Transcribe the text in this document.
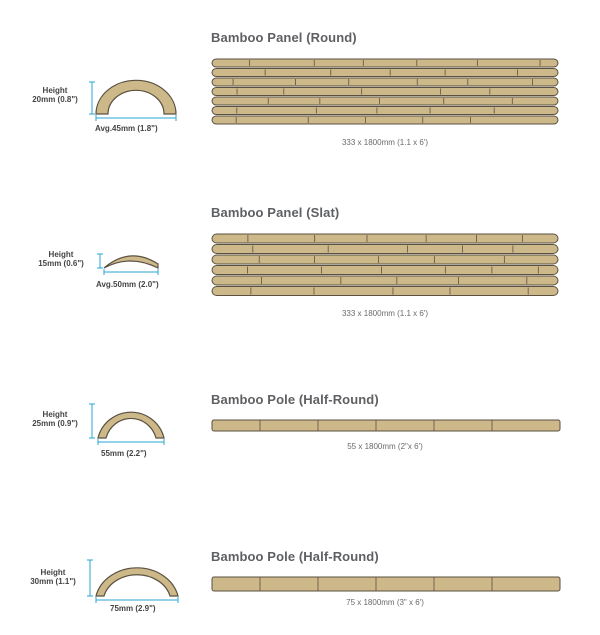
Bamboo Panel (Round)
Height
20mm (0.8")
Avg.45mm (1.8")
333 x 1800mm (1.1 x 6')
Bamboo Panel (Slat)
Height
15mm (0.6")
Avg.50mm (2.0")
333 x 1800mm (1.1 x 6')
Bamboo Pole (Half-Round)
Height
25mm (0.9")
55mm (2.2")
55 x 1800mm (2"x 6')
Bamboo Pole (Half-Round)
Height
30mm (1.1")
75mm (2.9")
75 x 1800mm (3" x 6')
